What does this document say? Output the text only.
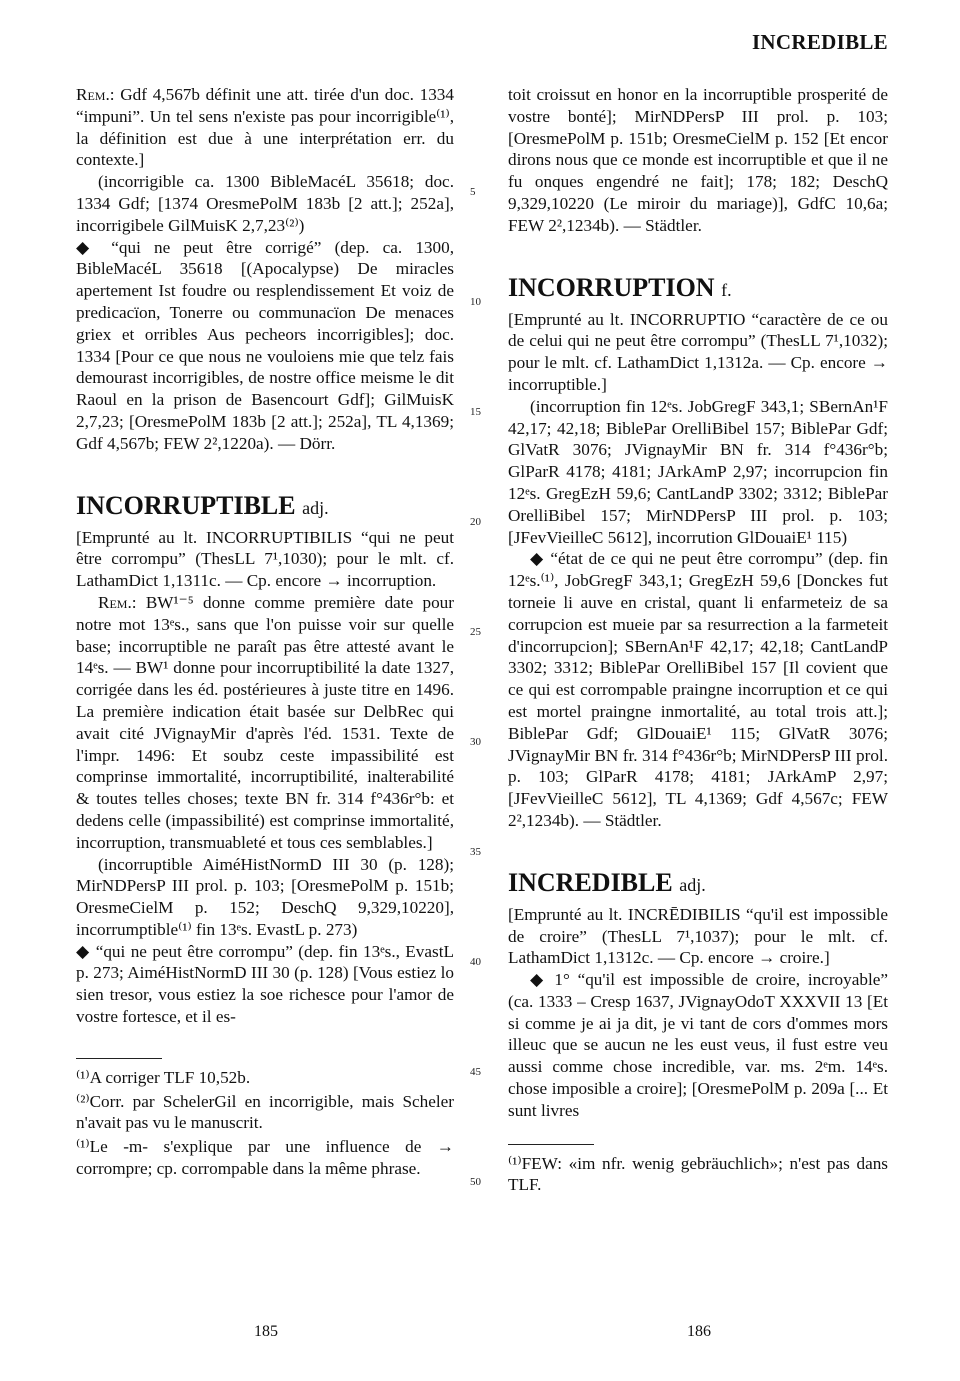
INCREDIBLE

Rem.: Gdf 4,567b définit une att. tirée d'un doc. 1334 “impuni”. Un tel sens n'existe pas pour incorrigible⁽¹⁾, la définition est due à une interprétation err. du contexte.]

(incorrigible ca. 1300 BibleMacéL 35618; doc. 1334 Gdf; [1374 OresmePolM 183b [2 att.]; 252a], incorrigibele GilMuisK 2,7,23⁽²⁾)

◆ “qui ne peut être corrigé” (dep. ca. 1300, BibleMacéL 35618 [(Apocalypse) De miracles apertement Ist foudre ou resplendissement Et voiz de predicacïon, Tonerre ou communacïon De menaces griex et orribles Aus pecheors incorrigibles]; doc. 1334 [Pour ce que nous ne vouloiens mie que telz fais demourast incorrigibles, de nostre office meisme le dit Raoul en la prison de Basencourt Gdf]; GilMuisK 2,7,23; [OresmePolM 183b [2 att.]; 252a], TL 4,1369; Gdf 4,567b; FEW 2²,1220a). — Dörr.

INCORRUPTIBLE adj.

[Emprunté au lt. INCORRUPTIBILIS “qui ne peut être corrompu” (ThesLL 7¹,1030); pour le mlt. cf. LathamDict 1,1311c. — Cp. encore → incorruption.

Rem.: BW¹⁻⁵ donne comme première date pour notre mot 13ᵉs., sans que l'on puisse voir sur quelle base; incorruptible ne paraît pas être attesté avant le 14ᵉs. — BW¹ donne pour incorruptibilité la date 1327, corrigée dans les éd. postérieures à juste titre en 1496. La première indication était basée sur DelbRec qui avait cité JVignayMir d'après l'éd. 1531. Texte de l'impr. 1496: Et soubz ceste impassibilité est comprinse immortalité, incorruptibilité, inalterabilité & toutes telles choses; texte BN fr. 314 f°436r°b: et dedens celle (impassibilité) est comprinse immortalité, incorruption, transmuableté et tous ces semblables.]

(incorruptible AiméHistNormD III 30 (p. 128); MirNDPersP III prol. p. 103; [OresmePolM p. 151b; OresmeCielM p. 152; DeschQ 9,329,10220], incorrumptible⁽¹⁾ fin 13ᵉs. EvastL p. 273)

◆ “qui ne peut être corrompu” (dep. fin 13ᵉs., EvastL p. 273; AiméHistNormD III 30 (p. 128) [Vous estiez lo sien tresor, vous estiez la soe richesce pour l'amor de vostre fortesce, et il es-

⁽¹⁾A corriger TLF 10,52b.

⁽²⁾Corr. par SchelerGil en incorrigible, mais Scheler n'avait pas vu le manuscrit.

⁽¹⁾Le -m- s'explique par une influence de → corrompre; cp. corrompable dans la même phrase.

5
10
15
20
25
30
35
40
45
50

toit croissut en honor en la incorruptible prosperité de vostre bonté]; MirNDPersP III prol. p. 103; [OresmePolM p. 151b; OresmeCielM p. 152 [Et encor dirons nous que ce monde est incorruptible et que il ne fu onques engendré ne fait]; 178; 182; DeschQ 9,329,10220 (Le miroir du mariage)], GdfC 10,6a; FEW 2²,1234b). — Städtler.

INCORRUPTION f.

[Emprunté au lt. INCORRUPTIO “caractère de ce ou de celui qui ne peut être corrompu” (ThesLL 7¹,1032); pour le mlt. cf. LathamDict 1,1312a. — Cp. encore → incorruptible.]

(incorruption fin 12ᵉs. JobGregF 343,1; SBernAn¹F 42,17; 42,18; BiblePar OrelliBibel 157; BiblePar Gdf; GlVatR 3076; JVignayMir BN fr. 314 f°436r°b; GlParR 4178; 4181; JArkAmP 2,97; incorrupcion fin 12ᵉs. GregEzH 59,6; CantLandP 3302; 3312; BiblePar OrelliBibel 157; MirNDPersP III prol. p. 103; [JFevVieilleC 5612], incorrution GlDouaiE¹ 115)

◆ “état de ce qui ne peut être corrompu” (dep. fin 12ᵉs.⁽¹⁾, JobGregF 343,1; GregEzH 59,6 [Donckes fut torneie li auve en cristal, quant li enfarmeteiz de sa corrupcion est mueie par sa resurrection a la farmeteit d'incorrupcion]; SBernAn¹F 42,17; 42,18; CantLandP 3302; 3312; BiblePar OrelliBibel 157 [Il covient que ce qui est corrompable praingne incorruption et ce qui est mortel praingne inmortalité, au total trois att.]; BiblePar Gdf; GlDouaiE¹ 115; GlVatR 3076; JVignayMir BN fr. 314 f°436r°b; MirNDPersP III prol. p. 103; GlParR 4178; 4181; JArkAmP 2,97; [JFevVieilleC 5612], TL 4,1369; Gdf 4,567c; FEW 2²,1234b). — Städtler.

INCREDIBLE adj.

[Emprunté au lt. INCRĒDIBILIS “qu'il est impossible de croire” (ThesLL 7¹,1037); pour le mlt. cf. LathamDict 1,1312c. — Cp. encore → croire.]

◆ 1° “qu'il est impossible de croire, incroyable” (ca. 1333 – Cresp 1637, JVignayOdoT XXXVII 13 [Et si comme je ai ja dit, je vi tant de cors d'ommes mors illeuc que se aucun ne les eust veus, il fust estre veu aussi comme chose incredible, var. ms. 2ᵉm. 14ᵉs. chose imposible a croire]; [OresmePolM p. 209a [... Et sunt livres

⁽¹⁾FEW: «im nfr. wenig gebräuchlich»; n'est pas dans TLF.

185	186
